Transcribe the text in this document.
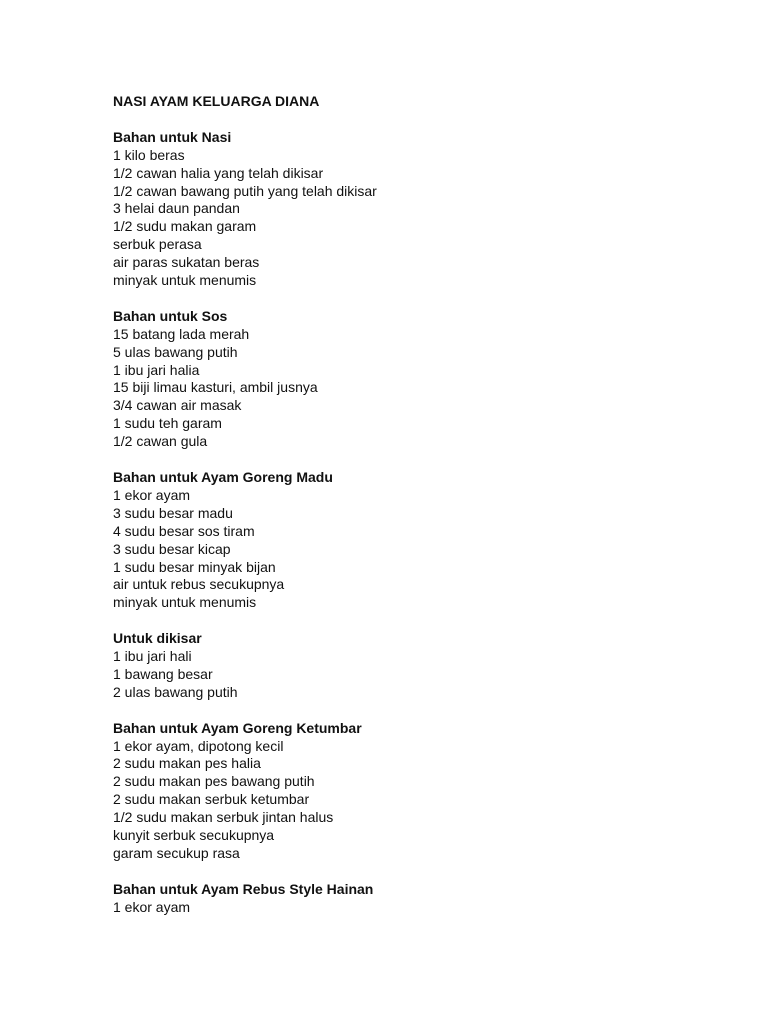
NASI AYAM KELUARGA DIANA
Bahan untuk Nasi
1 kilo beras
1/2 cawan halia yang telah dikisar
1/2 cawan bawang putih yang telah dikisar
3 helai daun pandan
1/2 sudu makan garam
serbuk perasa
air paras sukatan beras
minyak untuk menumis
Bahan untuk Sos
15 batang lada merah
5 ulas bawang putih
1 ibu jari halia
15 biji limau kasturi, ambil jusnya
3/4 cawan air masak
1 sudu teh garam
1/2 cawan gula
Bahan untuk Ayam Goreng Madu
1 ekor ayam
3 sudu besar madu
4 sudu besar sos tiram
3 sudu besar kicap
1 sudu besar minyak bijan
air untuk rebus secukupnya
minyak untuk menumis
Untuk dikisar
1 ibu jari hali
1 bawang besar
2 ulas bawang putih
Bahan untuk Ayam Goreng Ketumbar
1 ekor ayam, dipotong kecil
2 sudu makan pes halia
2 sudu makan pes bawang putih
2 sudu makan serbuk ketumbar
1/2 sudu makan serbuk jintan halus
kunyit serbuk secukupnya
garam secukup rasa
Bahan untuk Ayam Rebus Style Hainan
1 ekor ayam
